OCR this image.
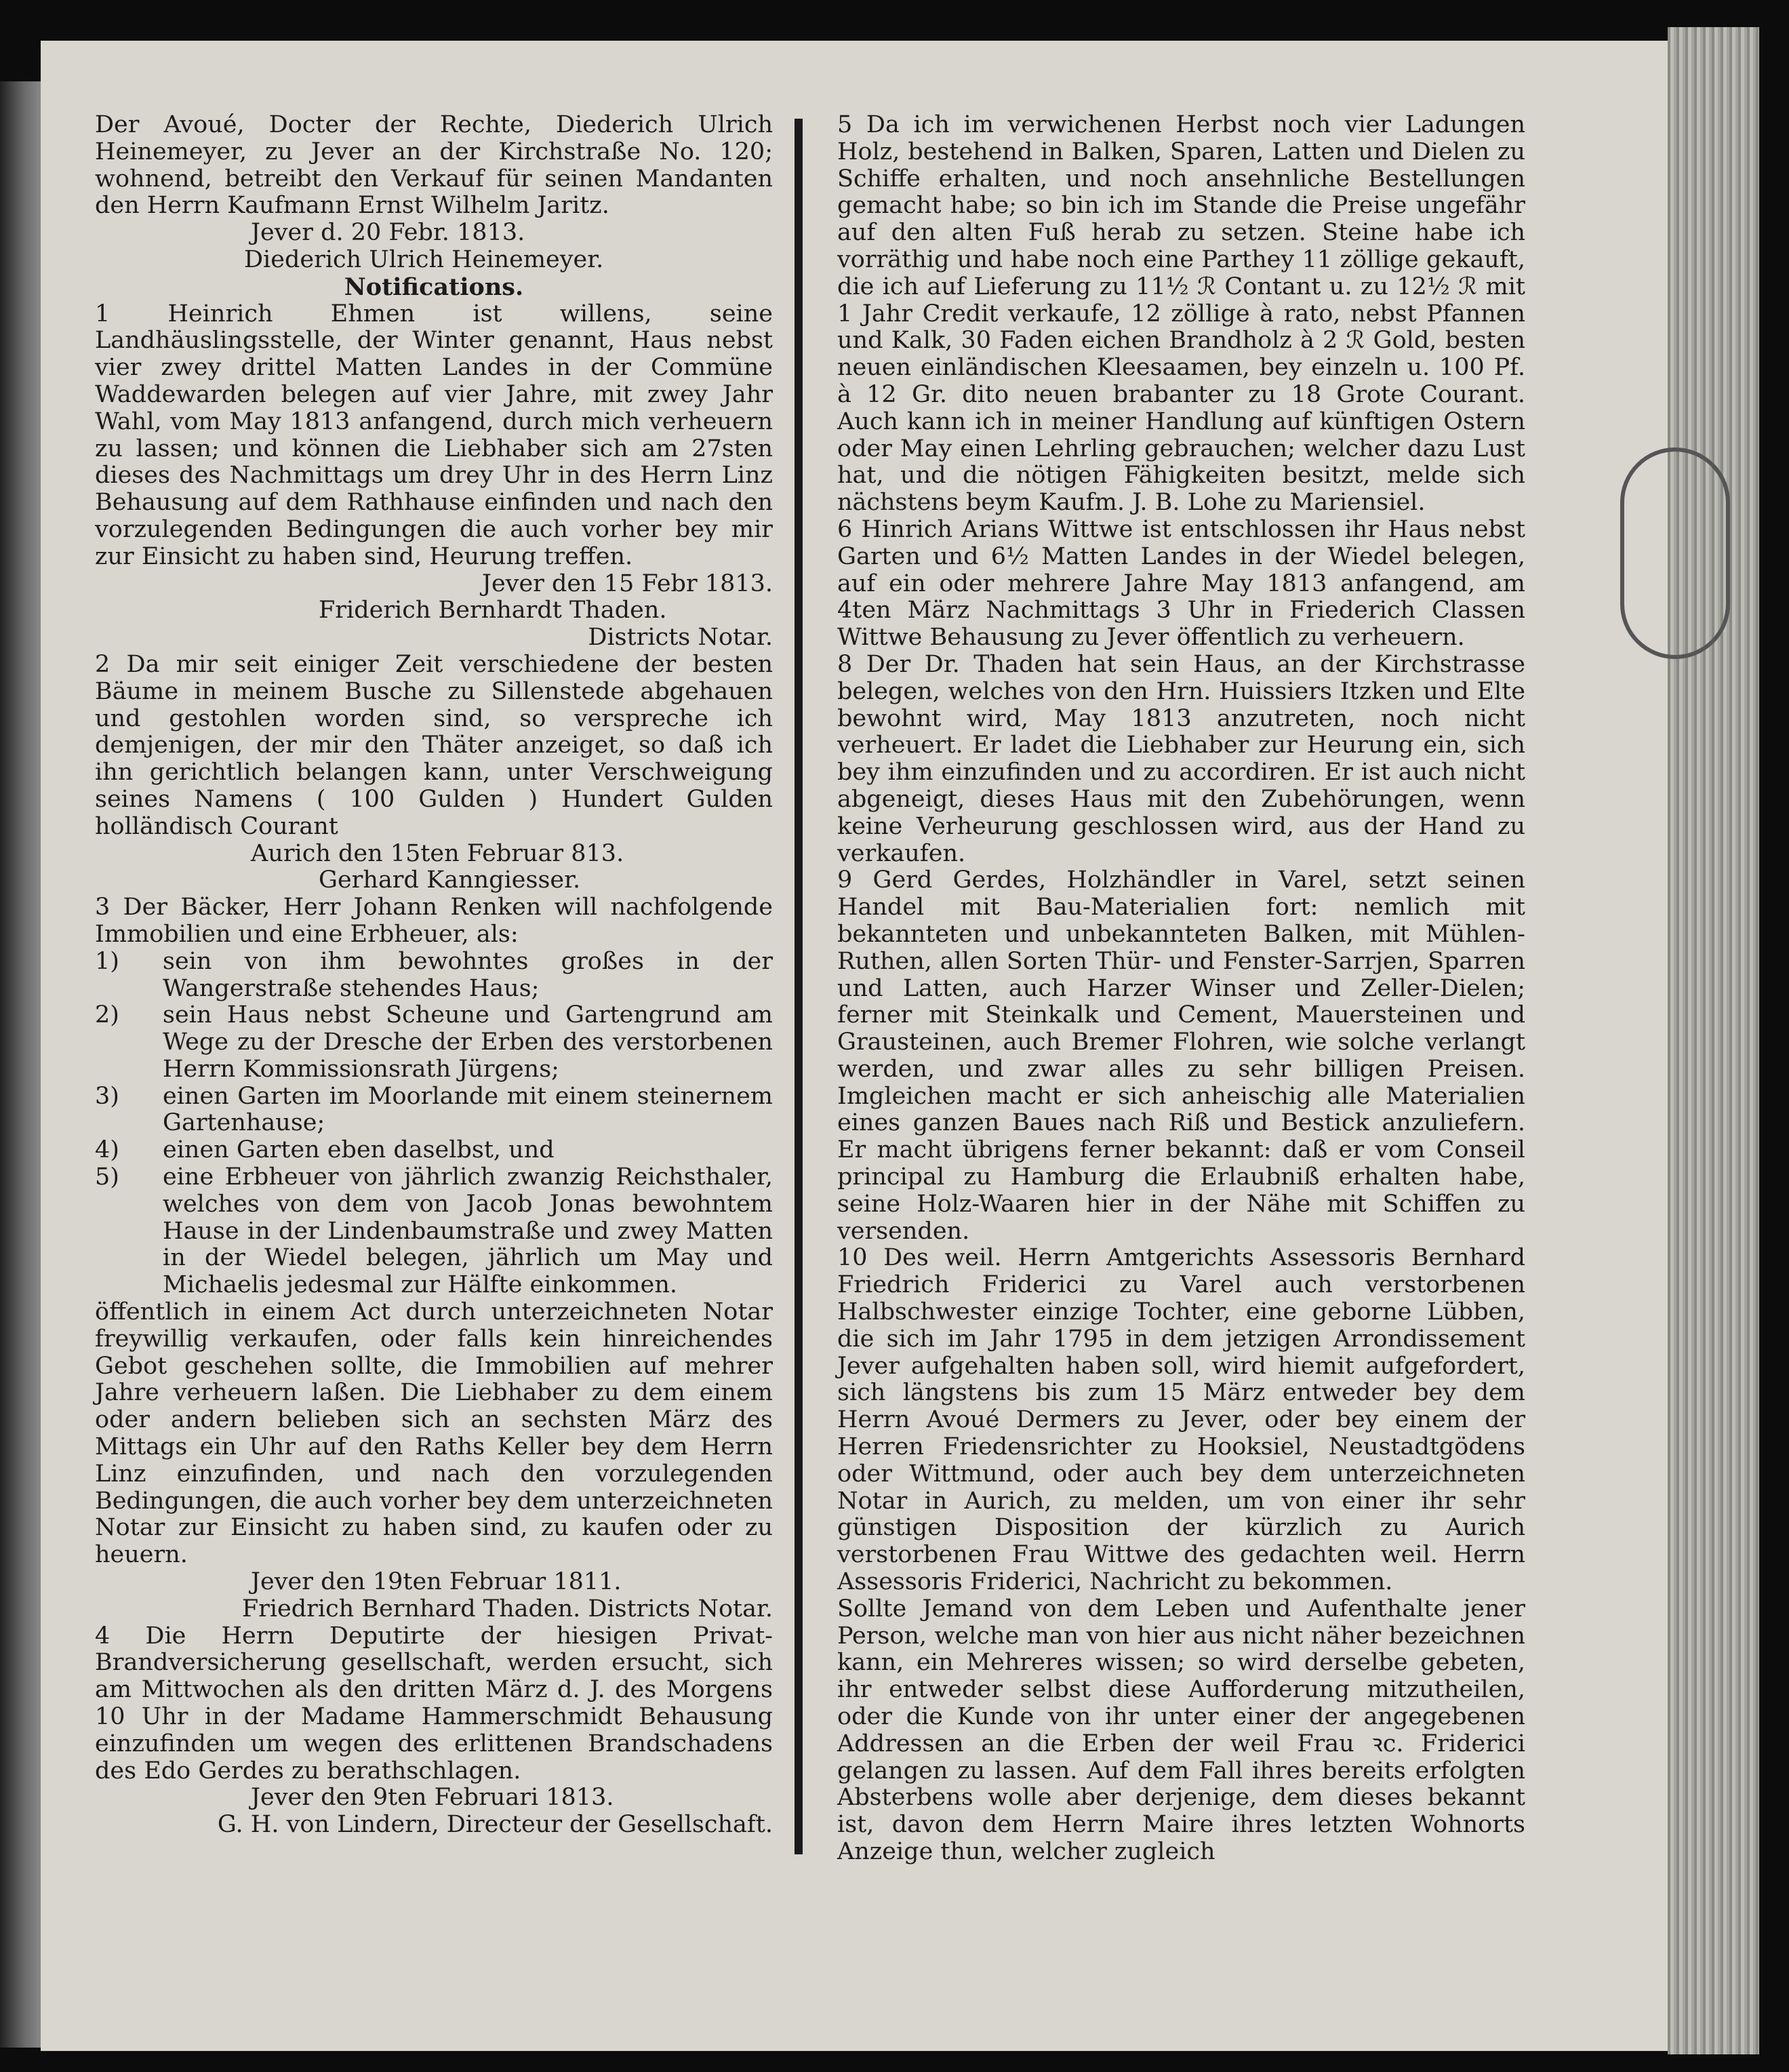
Der Avoué, Docter der Rechte, Diederich Ulrich Heinemeyer, zu Jever an der Kirchstraße No. 120; wohnend, betreibt den Verkauf für seinen Mandanten den Herrn Kaufmann Ernst Wilhelm Jaritz.

Jever d. 20 Febr. 1813.

Diederich Ulrich Heinemeyer.

Notifications.

1 Heinrich Ehmen ist willens, seine Landhäuslingsstelle, der Winter genannt, Haus nebst vier zwey drittel Matten Landes in der Commüne Waddewarden belegen auf vier Jahre, mit zwey Jahr Wahl, vom May 1813 anfangend, durch mich verheuern zu lassen; und können die Liebhaber sich am 27sten dieses des Nachmittags um drey Uhr in des Herrn Linz Behausung auf dem Rathhause einfinden und nach den vorzulegenden Bedingungen die auch vorher bey mir zur Einsicht zu haben sind, Heurung treffen.

Jever den 15 Febr 1813.

Friderich Bernhardt Thaden.

Districts Notar.

2 Da mir seit einiger Zeit verschiedene der besten Bäume in meinem Busche zu Sillenstede abgehauen und gestohlen worden sind, so verspreche ich demjenigen, der mir den Thäter anzeiget, so daß ich ihn gerichtlich belangen kann, unter Verschweigung seines Namens ( 100 Gulden ) Hundert Gulden holländisch Courant

Aurich den 15ten Februar 813.

Gerhard Kanngiesser.

3 Der Bäcker, Herr Johann Renken will nachfolgende Immobilien und eine Erbheuer, als:

1)	sein von ihm bewohntes großes in der Wangerstraße stehendes Haus;
2)	sein Haus nebst Scheune und Gartengrund am Wege zu der Dresche der Erben des verstorbenen Herrn Kommissionsrath Jürgens;
3)	einen Garten im Moorlande mit einem steinernem Gartenhause;
4)	einen Garten eben daselbst, und
5)	eine Erbheuer von jährlich zwanzig Reichsthaler, welches von dem von Jacob Jonas bewohntem Hause in der Lindenbaumstraße und zwey Matten in der Wiedel belegen, jährlich um May und Michaelis jedesmal zur Hälfte einkommen.

öffentlich in einem Act durch unterzeichneten Notar freywillig verkaufen, oder falls kein hinreichendes Gebot geschehen sollte, die Immobilien auf mehrer Jahre verheuern laßen. Die Liebhaber zu dem einem oder andern belieben sich an sechsten März des Mittags ein Uhr auf den Raths Keller bey dem Herrn Linz einzufinden, und nach den vorzulegenden Bedingungen, die auch vorher bey dem unterzeichneten Notar zur Einsicht zu haben sind, zu kaufen oder zu heuern.

Jever den 19ten Februar 1811.

Friedrich Bernhard Thaden. Districts Notar.

4 Die Herrn Deputirte der hiesigen Privat-Brandversicherung gesellschaft, werden ersucht, sich am Mittwochen als den dritten März d. J. des Morgens 10 Uhr in der Madame Hammerschmidt Behausung einzufinden um wegen des erlittenen Brandschadens des Edo Gerdes zu berathschlagen.

Jever den 9ten Februari 1813.

G. H. von Lindern, Directeur der Gesellschaft.

5 Da ich im verwichenen Herbst noch vier Ladungen Holz, bestehend in Balken, Sparen, Latten und Dielen zu Schiffe erhalten, und noch ansehnliche Bestellungen gemacht habe; so bin ich im Stande die Preise ungefähr auf den alten Fuß herab zu setzen. Steine habe ich vorräthig und habe noch eine Parthey 11 zöllige gekauft, die ich auf Lieferung zu 11½ ℛ Contant u. zu 12½ ℛ mit 1 Jahr Credit verkaufe, 12 zöllige à rato, nebst Pfannen und Kalk, 30 Faden eichen Brandholz à 2 ℛ Gold, besten neuen einländischen Kleesaamen, bey einzeln u. 100 Pf. à 12 Gr. dito neuen brabanter zu 18 Grote Courant. Auch kann ich in meiner Handlung auf künftigen Ostern oder May einen Lehrling gebrauchen; welcher dazu Lust hat, und die nötigen Fähigkeiten besitzt, melde sich nächstens beym Kaufm. J. B. Lohe zu Mariensiel.

6 Hinrich Arians Wittwe ist entschlossen ihr Haus nebst Garten und 6½ Matten Landes in der Wiedel belegen, auf ein oder mehrere Jahre May 1813 anfangend, am 4ten März Nachmittags 3 Uhr in Friederich Classen Wittwe Behausung zu Jever öffentlich zu verheuern.

8 Der Dr. Thaden hat sein Haus, an der Kirchstrasse belegen, welches von den Hrn. Huissiers Itzken und Elte bewohnt wird, May 1813 anzutreten, noch nicht verheuert. Er ladet die Liebhaber zur Heurung ein, sich bey ihm einzufinden und zu accordiren. Er ist auch nicht abgeneigt, dieses Haus mit den Zubehörungen, wenn keine Verheurung geschlossen wird, aus der Hand zu verkaufen.

9 Gerd Gerdes, Holzhändler in Varel, setzt seinen Handel mit Bau-Materialien fort: nemlich mit bekannteten und unbekannteten Balken, mit Mühlen-Ruthen, allen Sorten Thür- und Fenster-Sarrjen, Sparren und Latten, auch Harzer Winser und Zeller-Dielen; ferner mit Steinkalk und Cement, Mauersteinen und Grausteinen, auch Bremer Flohren, wie solche verlangt werden, und zwar alles zu sehr billigen Preisen. Imgleichen macht er sich anheischig alle Materialien eines ganzen Baues nach Riß und Bestick anzuliefern. Er macht übrigens ferner bekannt: daß er vom Conseil principal zu Hamburg die Erlaubniß erhalten habe, seine Holz-Waaren hier in der Nähe mit Schiffen zu versenden.

10 Des weil. Herrn Amtgerichts Assessoris Bernhard Friedrich Friderici zu Varel auch verstorbenen Halbschwester einzige Tochter, eine geborne Lübben, die sich im Jahr 1795 in dem jetzigen Arrondissement Jever aufgehalten haben soll, wird hiemit aufgefordert, sich längstens bis zum 15 März entweder bey dem Herrn Avoué Dermers zu Jever, oder bey einem der Herren Friedensrichter zu Hooksiel, Neustadtgödens oder Wittmund, oder auch bey dem unterzeichneten Notar in Aurich, zu melden, um von einer ihr sehr günstigen Disposition der kürzlich zu Aurich verstorbenen Frau Wittwe des gedachten weil. Herrn Assessoris Friderici, Nachricht zu bekommen.

Sollte Jemand von dem Leben und Aufenthalte jener Person, welche man von hier aus nicht näher bezeichnen kann, ein Mehreres wissen; so wird derselbe gebeten, ihr entweder selbst diese Aufforderung mitzutheilen, oder die Kunde von ihr unter einer der angegebenen Addressen an die Erben der weil Frau ꝛc. Friderici gelangen zu lassen. Auf dem Fall ihres bereits erfolgten Absterbens wolle aber derjenige, dem dieses bekannt ist, davon dem Herrn Maire ihres letzten Wohnorts Anzeige thun, welcher zugleich
